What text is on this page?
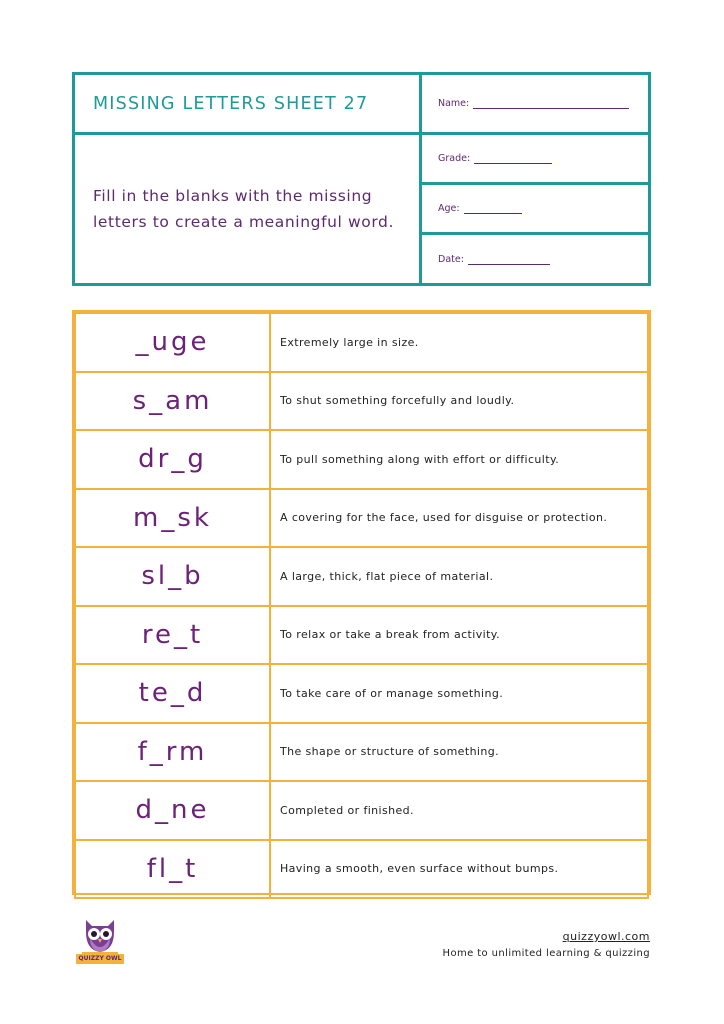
MISSING LETTERS SHEET 27
Fill in the blanks with the missing letters to create a meaningful word.
Name:
Grade:
Age:
Date:
_uge	Extremely large in size.
s_am	To shut something forcefully and loudly.
dr_g	To pull something along with effort or difficulty.
m_sk	A covering for the face, used for disguise or protection.
sl_b	A large, thick, flat piece of material.
re_t	To relax or take a break from activity.
te_d	To take care of or manage something.
f_rm	The shape or structure of something.
d_ne	Completed or finished.
fl_t	Having a smooth, even surface without bumps.
QUIZZY OWL
quizzyowl.com
Home to unlimited learning & quizzing
